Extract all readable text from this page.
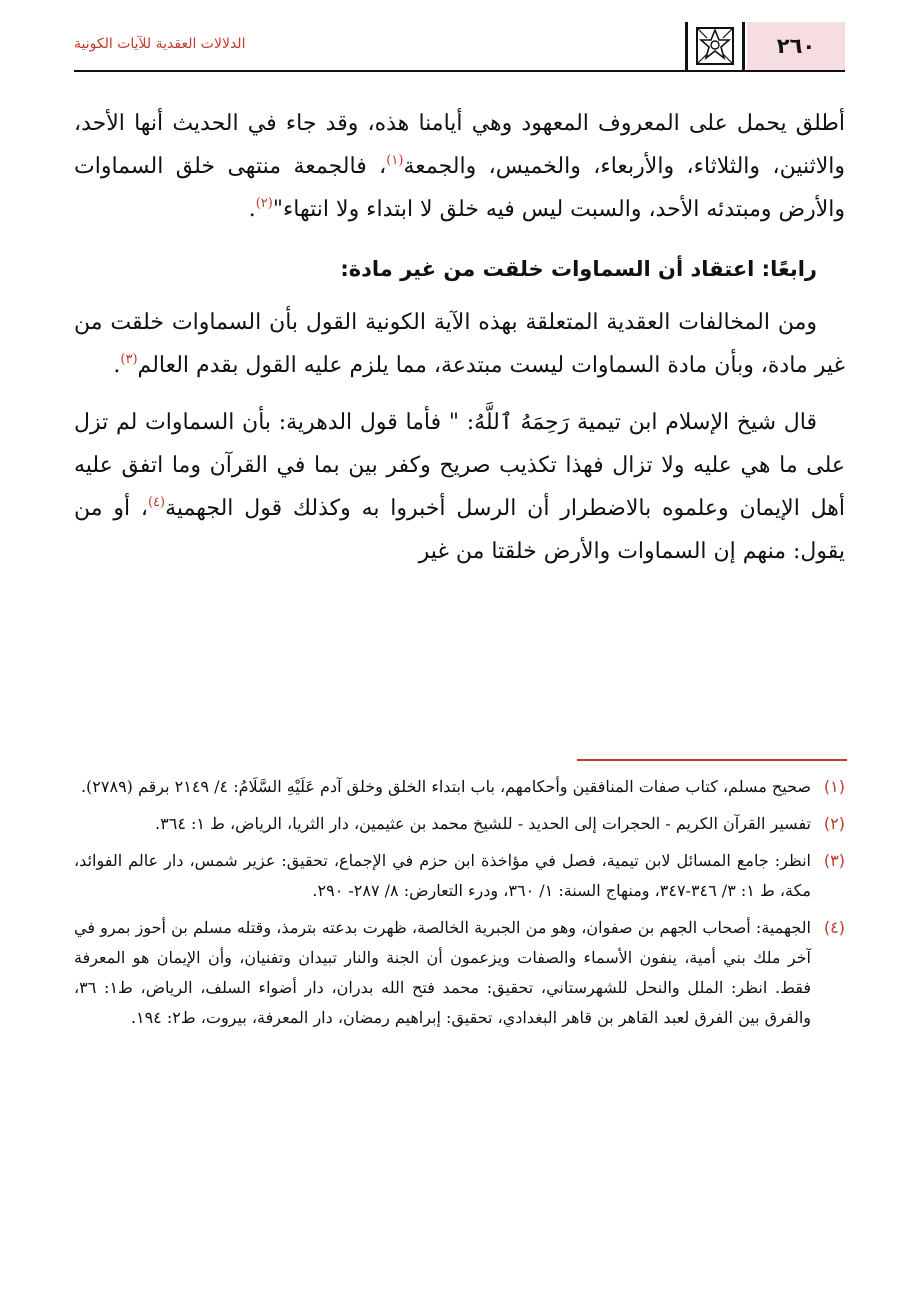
٢٦٠
الدلالات العقدية للآيات الكونية

أطلق يحمل على المعروف المعهود وهي أيامنا هذه، وقد جاء في الحديث أنها الأحد، والاثنين، والثلاثاء، والأربعاء، والخميس، والجمعة$^{(١)}$، فالجمعة منتهى خلق السماوات والأرض ومبتدئه الأحد، والسبت ليس فيه خلق لا ابتداء ولا انتهاء"$^{(٢)}$.

رابعًا: اعتقاد أن السماوات خلقت من غير مادة:

ومن المخالفات العقدية المتعلقة بهذه الآية الكونية القول بأن السماوات خلقت من غير مادة، وبأن مادة السماوات ليست مبتدعة، مما يلزم عليه القول بقدم العالم$^{(٣)}$.

قال شيخ الإسلام ابن تيمية رَحِمَهُ ٱللَّهُ: " فأما قول الدهرية: بأن السماوات لم تزل على ما هي عليه ولا تزال فهذا تكذيب صريح وكفر بين بما في القرآن وما اتفق عليه أهل الإيمان وعلموه بالاضطرار أن الرسل أخبروا به وكذلك قول الجهمية$^{(٤)}$، أو من يقول: منهم إن السماوات والأرض خلقتا من غير

(١)
صحيح مسلم، كتاب صفات المنافقين وأحكامهم، باب ابتداء الخلق وخلق آدم عَلَيْهِ السَّلَامُ: ٤/ ٢١٤٩ برقم (٢٧٨٩).
(٢)
تفسير القرآن الكريم - الحجرات إلى الحديد - للشيخ محمد بن عثيمين، دار الثريا، الرياض، ط ١: ٣٦٤.
(٣)
انظر: جامع المسائل لابن تيمية، فصل في مؤاخذة ابن حزم في الإجماع، تحقيق: عزير شمس، دار عالم الفوائد، مكة، ط ١: ٣/ ٣٤٦-٣٤٧، ومنهاج السنة: ١/ ٣٦٠، ودرء التعارض: ٨/ ٢٨٧- ٢٩٠.
(٤)
الجهمية: أصحاب الجهم بن صفوان، وهو من الجبرية الخالصة، ظهرت بدعته بترمذ، وقتله مسلم بن أحوز بمرو في آخر ملك بني أمية، ينفون الأسماء والصفات ويزعمون أن الجنة والنار تبيدان وتفنيان، وأن الإيمان هو المعرفة فقط. انظر: الملل والنحل للشهرستاني، تحقيق: محمد فتح الله بدران، دار أضواء السلف، الرياض، ط١: ٣٦، والفرق بين الفرق لعبد القاهر بن قاهر البغدادي، تحقيق: إبراهيم رمضان، دار المعرفة، بيروت، ط٢: ١٩٤.
